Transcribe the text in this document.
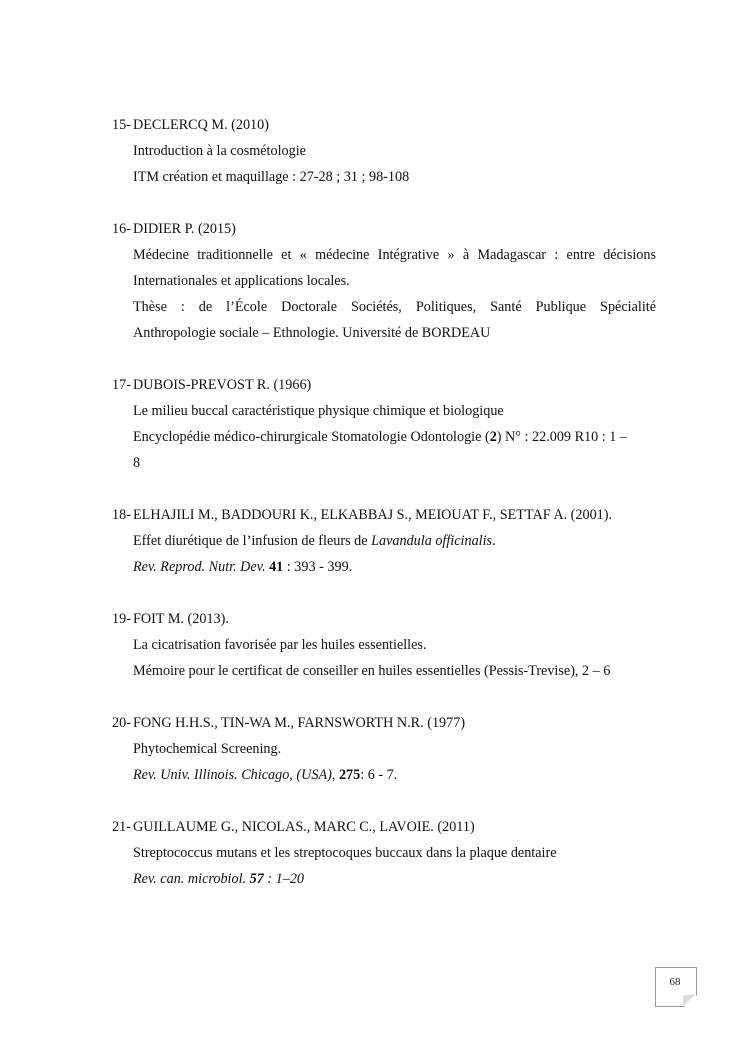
15- DECLERCQ M. (2010)
Introduction à la cosmétologie
ITM création et maquillage : 27-28 ; 31 ; 98-108
16- DIDIER P. (2015)
Médecine traditionnelle et « médecine Intégrative » à Madagascar : entre décisions
Internationales et applications locales.
Thèse : de l’École Doctorale Sociétés, Politiques, Santé Publique Spécialité
Anthropologie sociale – Ethnologie. Université de BORDEAU
17- DUBOIS-PREVOST R. (1966)
Le milieu buccal caractéristique physique chimique et biologique
Encyclopédie médico-chirurgicale Stomatologie Odontologie (2) N° : 22.009 R10 : 1 –
8
18- ELHAJILI M., BADDOURI K., ELKABBAJ S., MEIOUAT F., SETTAF A. (2001).
Effet diurétique de l’infusion de fleurs de Lavandula officinalis.
Rev. Reprod. Nutr. Dev. 41 : 393 - 399.
19- FOIT M. (2013).
La cicatrisation favorisée par les huiles essentielles.
Mémoire pour le certificat de conseiller en huiles essentielles (Pessis-Trevise), 2 – 6
20- FONG H.H.S., TIN-WA M., FARNSWORTH N.R. (1977)
Phytochemical Screening.
Rev. Univ. Illinois. Chicago, (USA), 275: 6 - 7.
21- GUILLAUME G., NICOLAS., MARC C., LAVOIE. (2011)
Streptococcus mutans et les streptocoques buccaux dans la plaque dentaire
Rev. can. microbiol. 57 : 1–20
68
